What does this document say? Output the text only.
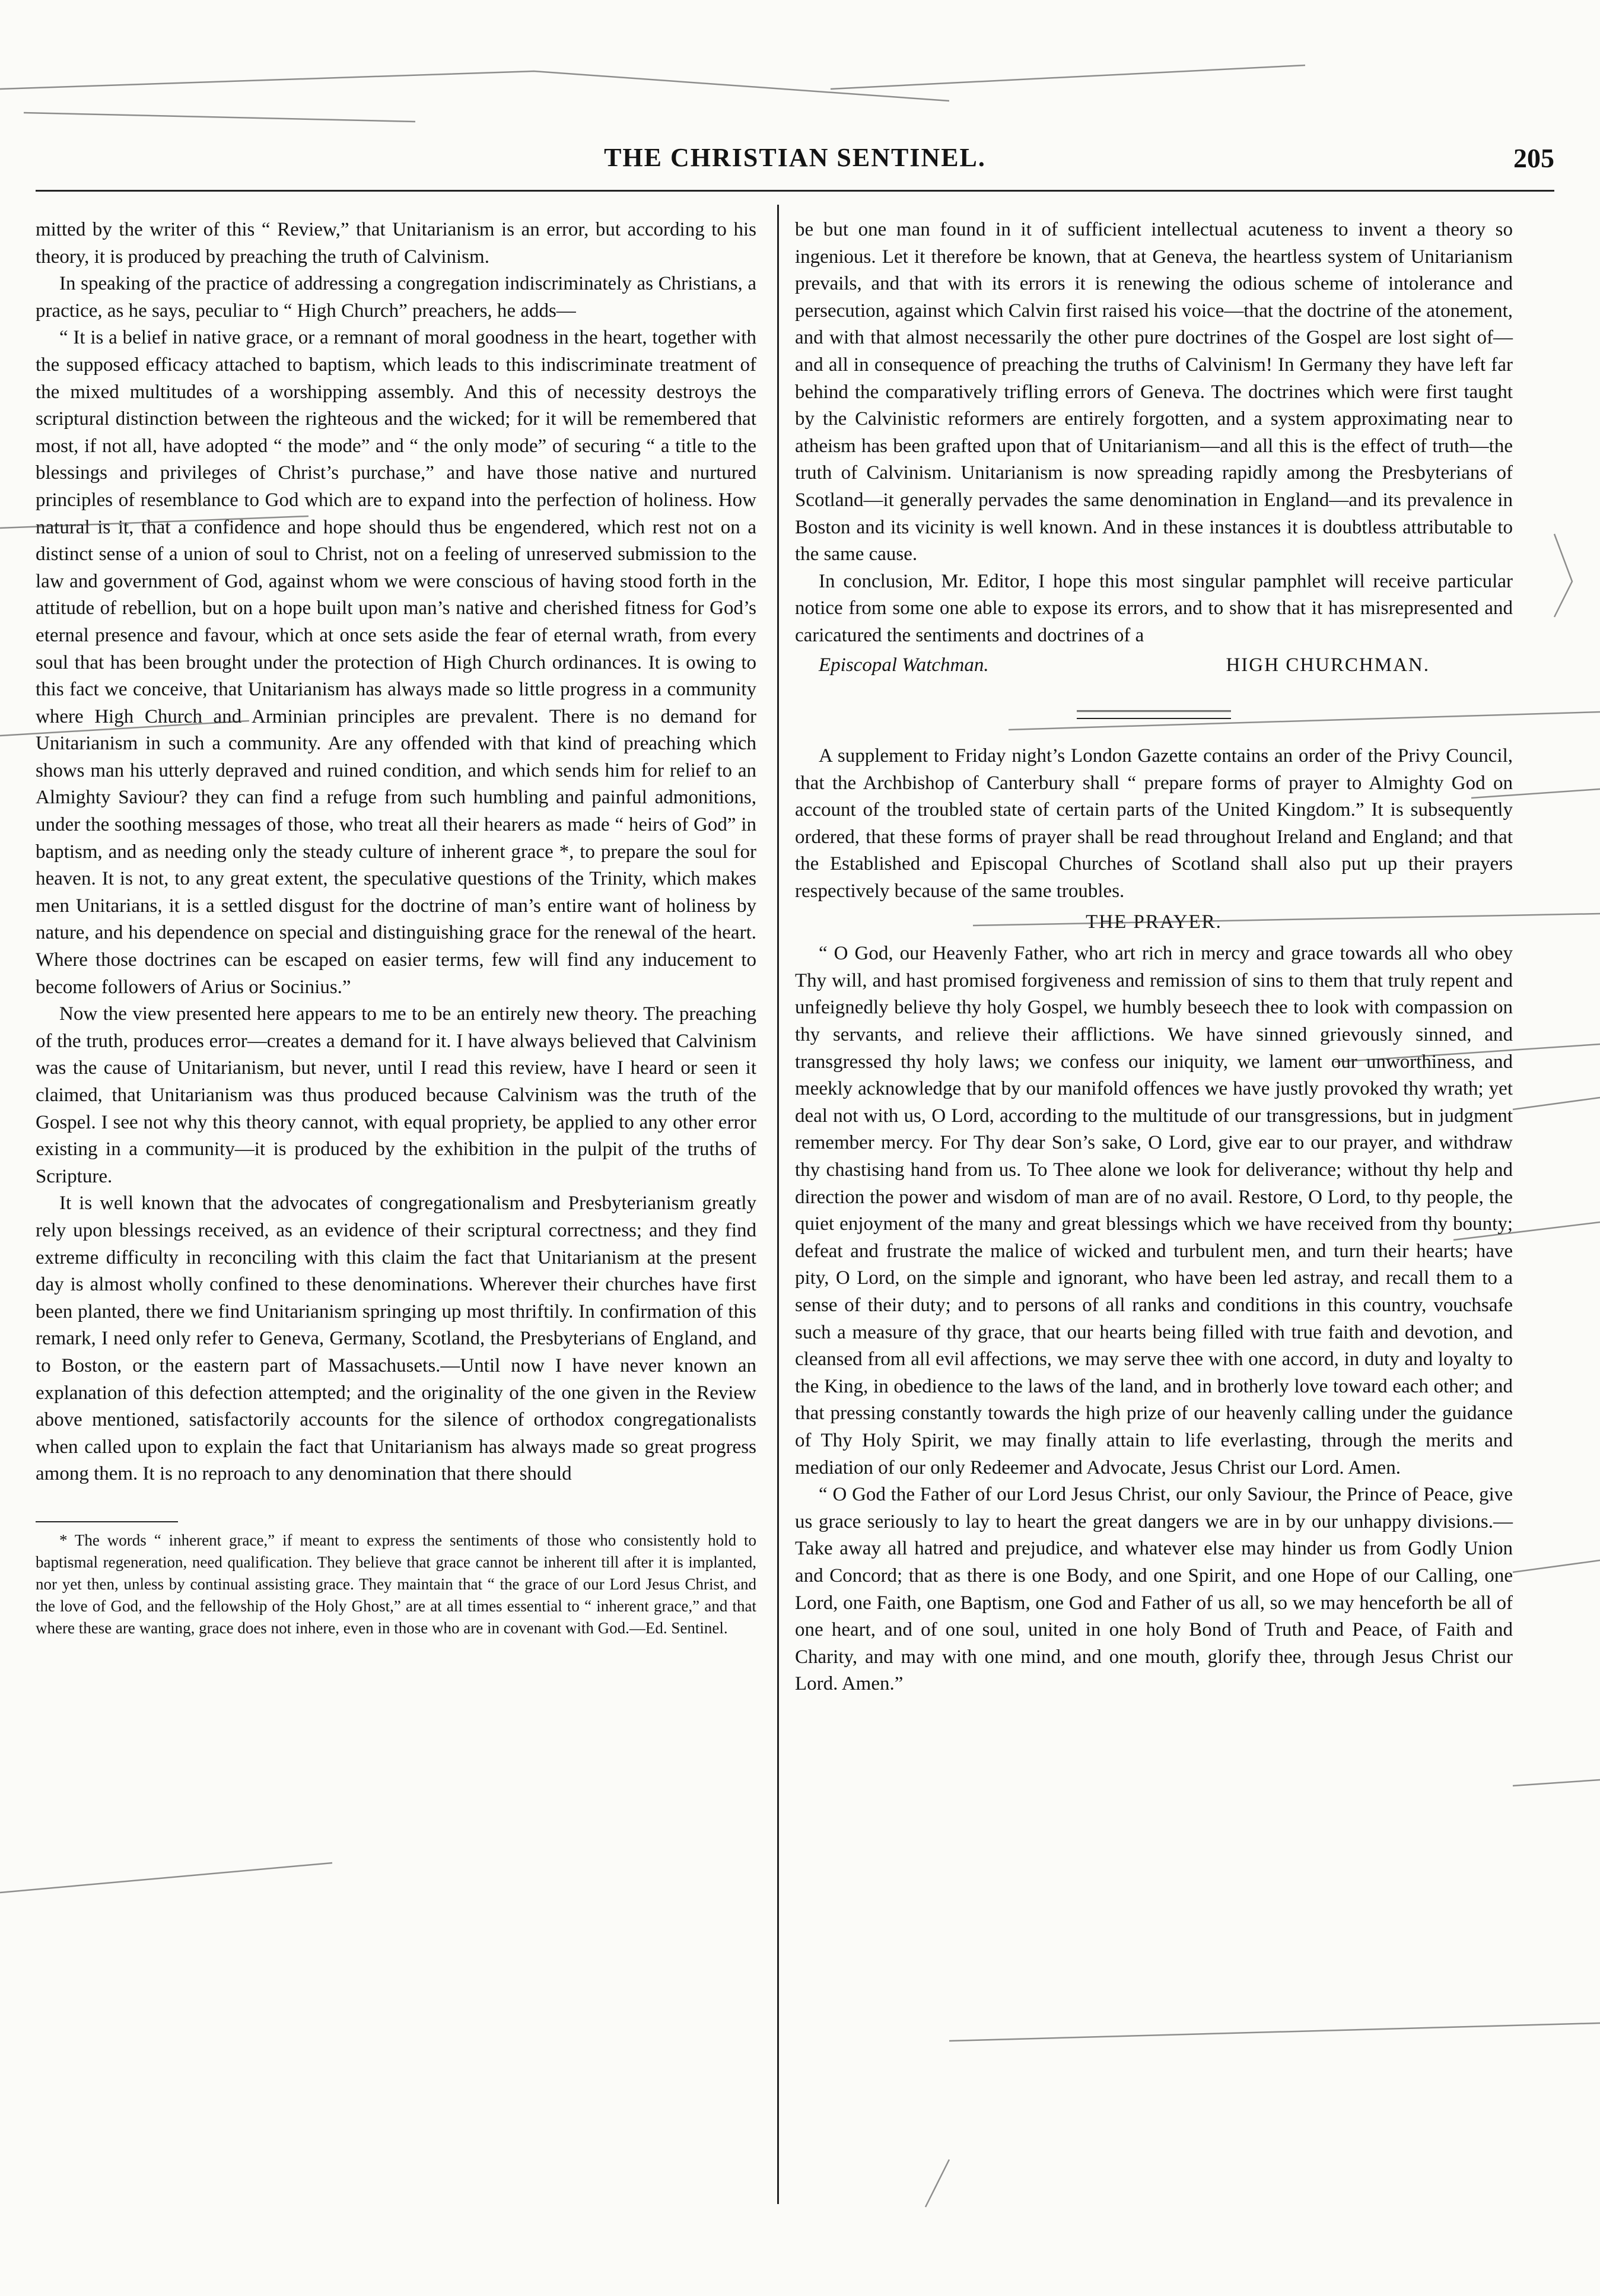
THE CHRISTIAN SENTINEL.	205

mitted by the writer of this “ Review,” that Unitarianism is an error, but according to his theory, it is produced by preaching the truth of Calvinism.

In speaking of the practice of addressing a congregation indiscriminately as Christians, a practice, as he says, peculiar to “ High Church” preachers, he adds—

“ It is a belief in native grace, or a remnant of moral goodness in the heart, together with the supposed efficacy attached to baptism, which leads to this indiscriminate treatment of the mixed multitudes of a worshipping assembly. And this of necessity destroys the scriptural distinction between the righteous and the wicked; for it will be remembered that most, if not all, have adopted “ the mode” and “ the only mode” of securing “ a title to the blessings and privileges of Christ’s purchase,” and have those native and nurtured principles of resemblance to God which are to expand into the perfection of holiness. How natural is it, that a confidence and hope should thus be engendered, which rest not on a distinct sense of a union of soul to Christ, not on a feeling of unreserved submission to the law and government of God, against whom we were conscious of having stood forth in the attitude of rebellion, but on a hope built upon man’s native and cherished fitness for God’s eternal presence and favour, which at once sets aside the fear of eternal wrath, from every soul that has been brought under the protection of High Church ordinances. It is owing to this fact we conceive, that Unitarianism has always made so little progress in a community where High Church and Arminian principles are prevalent. There is no demand for Unitarianism in such a community. Are any offended with that kind of preaching which shows man his utterly depraved and ruined condition, and which sends him for relief to an Almighty Saviour? they can find a refuge from such humbling and painful admonitions, under the soothing messages of those, who treat all their hearers as made “ heirs of God” in baptism, and as needing only the steady culture of inherent grace *, to prepare the soul for heaven. It is not, to any great extent, the speculative questions of the Trinity, which makes men Unitarians, it is a settled disgust for the doctrine of man’s entire want of holiness by nature, and his dependence on special and distinguishing grace for the renewal of the heart. Where those doctrines can be escaped on easier terms, few will find any inducement to become followers of Arius or Socinius.”

Now the view presented here appears to me to be an entirely new theory. The preaching of the truth, produces error—creates a demand for it. I have always believed that Calvinism was the cause of Unitarianism, but never, until I read this review, have I heard or seen it claimed, that Unitarianism was thus produced because Calvinism was the truth of the Gospel. I see not why this theory cannot, with equal propriety, be applied to any other error existing in a community—it is produced by the exhibition in the pulpit of the truths of Scripture.

It is well known that the advocates of congregationalism and Presbyterianism greatly rely upon blessings received, as an evidence of their scriptural correctness; and they find extreme difficulty in reconciling with this claim the fact that Unitarianism at the present day is almost wholly confined to these denominations. Wherever their churches have first been planted, there we find Unitarianism springing up most thriftily. In confirmation of this remark, I need only refer to Geneva, Germany, Scotland, the Presbyterians of England, and to Boston, or the eastern part of Massachusets.—Until now I have never known an explanation of this defection attempted; and the originality of the one given in the Review above mentioned, satisfactorily accounts for the silence of orthodox congregationalists when called upon to explain the fact that Unitarianism has always made so great progress among them. It is no reproach to any denomination that there should

* The words “ inherent grace,” if meant to express the sentiments of those who consistently hold to baptismal regeneration, need qualification. They believe that grace cannot be inherent till after it is implanted, nor yet then, unless by continual assisting grace. They maintain that “ the grace of our Lord Jesus Christ, and the love of God, and the fellowship of the Holy Ghost,” are at all times essential to “ inherent grace,” and that where these are wanting, grace does not inhere, even in those who are in covenant with God.—Ed. Sentinel.

be but one man found in it of sufficient intellectual acuteness to invent a theory so ingenious. Let it therefore be known, that at Geneva, the heartless system of Unitarianism prevails, and that with its errors it is renewing the odious scheme of intolerance and persecution, against which Calvin first raised his voice—that the doctrine of the atonement, and with that almost necessarily the other pure doctrines of the Gospel are lost sight of—and all in consequence of preaching the truths of Calvinism! In Germany they have left far behind the comparatively trifling errors of Geneva. The doctrines which were first taught by the Calvinistic reformers are entirely forgotten, and a system approximating near to atheism has been grafted upon that of Unitarianism—and all this is the effect of truth—the truth of Calvinism. Unitarianism is now spreading rapidly among the Presbyterians of Scotland—it generally pervades the same denomination in England—and its prevalence in Boston and its vicinity is well known. And in these instances it is doubtless attributable to the same cause.

In conclusion, Mr. Editor, I hope this most singular pamphlet will receive particular notice from some one able to expose its errors, and to show that it has misrepresented and caricatured the sentiments and doctrines of a

Episcopal Watchman.	HIGH CHURCHMAN.

A supplement to Friday night’s London Gazette contains an order of the Privy Council, that the Archbishop of Canterbury shall “ prepare forms of prayer to Almighty God on account of the troubled state of certain parts of the United Kingdom.” It is subsequently ordered, that these forms of prayer shall be read throughout Ireland and England; and that the Established and Episcopal Churches of Scotland shall also put up their prayers respectively because of the same troubles.

THE PRAYER.

“ O God, our Heavenly Father, who art rich in mercy and grace towards all who obey Thy will, and hast promised forgiveness and remission of sins to them that truly repent and unfeignedly believe thy holy Gospel, we humbly beseech thee to look with compassion on thy servants, and relieve their afflictions. We have sinned grievously sinned, and transgressed thy holy laws; we confess our iniquity, we lament our unworthiness, and meekly acknowledge that by our manifold offences we have justly provoked thy wrath; yet deal not with us, O Lord, according to the multitude of our transgressions, but in judgment remember mercy. For Thy dear Son’s sake, O Lord, give ear to our prayer, and withdraw thy chastising hand from us. To Thee alone we look for deliverance; without thy help and direction the power and wisdom of man are of no avail. Restore, O Lord, to thy people, the quiet enjoyment of the many and great blessings which we have received from thy bounty; defeat and frustrate the malice of wicked and turbulent men, and turn their hearts; have pity, O Lord, on the simple and ignorant, who have been led astray, and recall them to a sense of their duty; and to persons of all ranks and conditions in this country, vouchsafe such a measure of thy grace, that our hearts being filled with true faith and devotion, and cleansed from all evil affections, we may serve thee with one accord, in duty and loyalty to the King, in obedience to the laws of the land, and in brotherly love toward each other; and that pressing constantly towards the high prize of our heavenly calling under the guidance of Thy Holy Spirit, we may finally attain to life everlasting, through the merits and mediation of our only Redeemer and Advocate, Jesus Christ our Lord. Amen.

“ O God the Father of our Lord Jesus Christ, our only Saviour, the Prince of Peace, give us grace seriously to lay to heart the great dangers we are in by our unhappy divisions.—Take away all hatred and prejudice, and whatever else may hinder us from Godly Union and Concord; that as there is one Body, and one Spirit, and one Hope of our Calling, one Lord, one Faith, one Baptism, one God and Father of us all, so we may henceforth be all of one heart, and of one soul, united in one holy Bond of Truth and Peace, of Faith and Charity, and may with one mind, and one mouth, glorify thee, through Jesus Christ our Lord. Amen.”
